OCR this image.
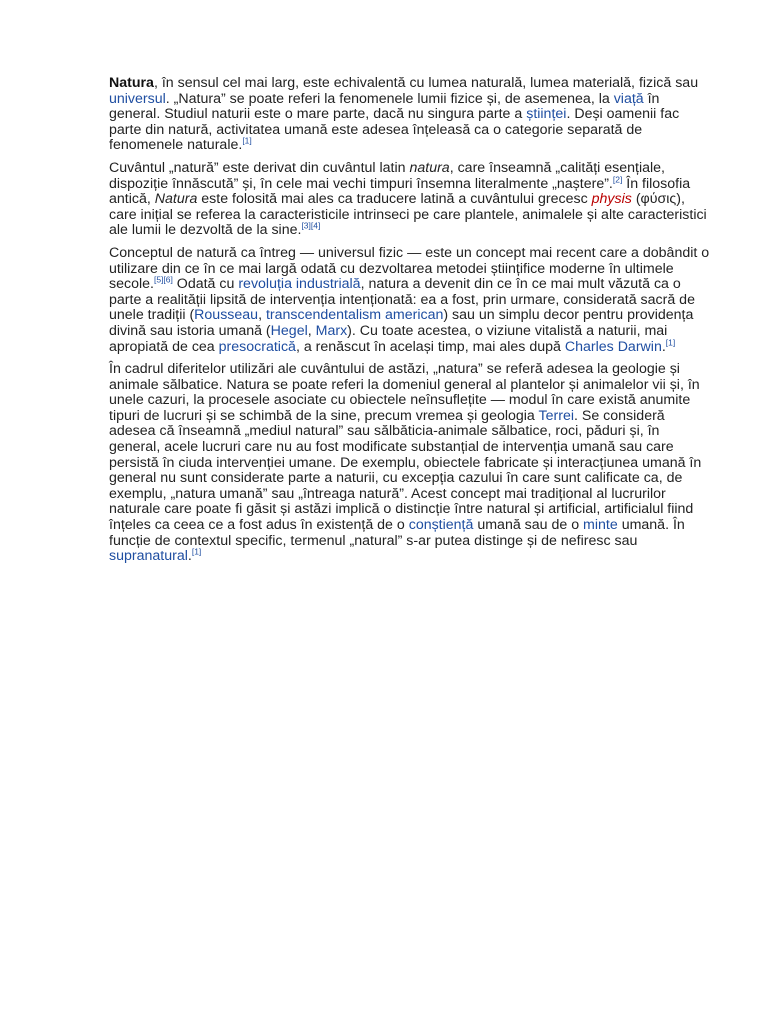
Natura, în sensul cel mai larg, este echivalentă cu lumea naturală, lumea materială, fizică sau universul. „Natura” se poate referi la fenomenele lumii fizice și, de asemenea, la viață în general. Studiul naturii este o mare parte, dacă nu singura parte a științei. Deși oamenii fac parte din natură, activitatea umană este adesea înțeleasă ca o categorie separată de fenomenele naturale.[1]

Cuvântul „natură” este derivat din cuvântul latin natura, care înseamnă „calități esențiale, dispoziție înnăscută” și, în cele mai vechi timpuri însemna literalmente „naștere”.[2] În filosofia antică, Natura este folosită mai ales ca traducere latină a cuvântului grecesc physis (φύσις), care inițial se referea la caracteristicile intrinseci pe care plantele, animalele și alte caracteristici ale lumii le dezvoltă de la sine.[3][4]

Conceptul de natură ca întreg — universul fizic — este un concept mai recent care a dobândit o utilizare din ce în ce mai largă odată cu dezvoltarea metodei științifice moderne în ultimele secole.[5][6] Odată cu revoluția industrială, natura a devenit din ce în ce mai mult văzută ca o parte a realității lipsită de intervenția intenționată: ea a fost, prin urmare, considerată sacră de unele tradiții (Rousseau, transcendentalism american) sau un simplu decor pentru providența divină sau istoria umană (Hegel, Marx). Cu toate acestea, o viziune vitalistă a naturii, mai apropiată de cea presocratică, a renăscut în același timp, mai ales după Charles Darwin.[1]

În cadrul diferitelor utilizări ale cuvântului de astăzi, „natura” se referă adesea la geologie și animale sălbatice. Natura se poate referi la domeniul general al plantelor și animalelor vii și, în unele cazuri, la procesele asociate cu obiectele neînsuflețite — modul în care există anumite tipuri de lucruri și se schimbă de la sine, precum vremea și geologia Terrei. Se consideră adesea că înseamnă „mediul natural” sau sălbăticia-animale sălbatice, roci, păduri și, în general, acele lucruri care nu au fost modificate substanțial de intervenția umană sau care persistă în ciuda intervenției umane. De exemplu, obiectele fabricate și interacțiunea umană în general nu sunt considerate parte a naturii, cu excepția cazului în care sunt calificate ca, de exemplu, „natura umană” sau „întreaga natură”. Acest concept mai tradițional al lucrurilor naturale care poate fi găsit și astăzi implică o distincție între natural și artificial, artificialul fiind înțeles ca ceea ce a fost adus în existență de o conștiență umană sau de o minte umană. În funcție de contextul specific, termenul „natural” s-ar putea distinge și de nefiresc sau supranatural.[1]
